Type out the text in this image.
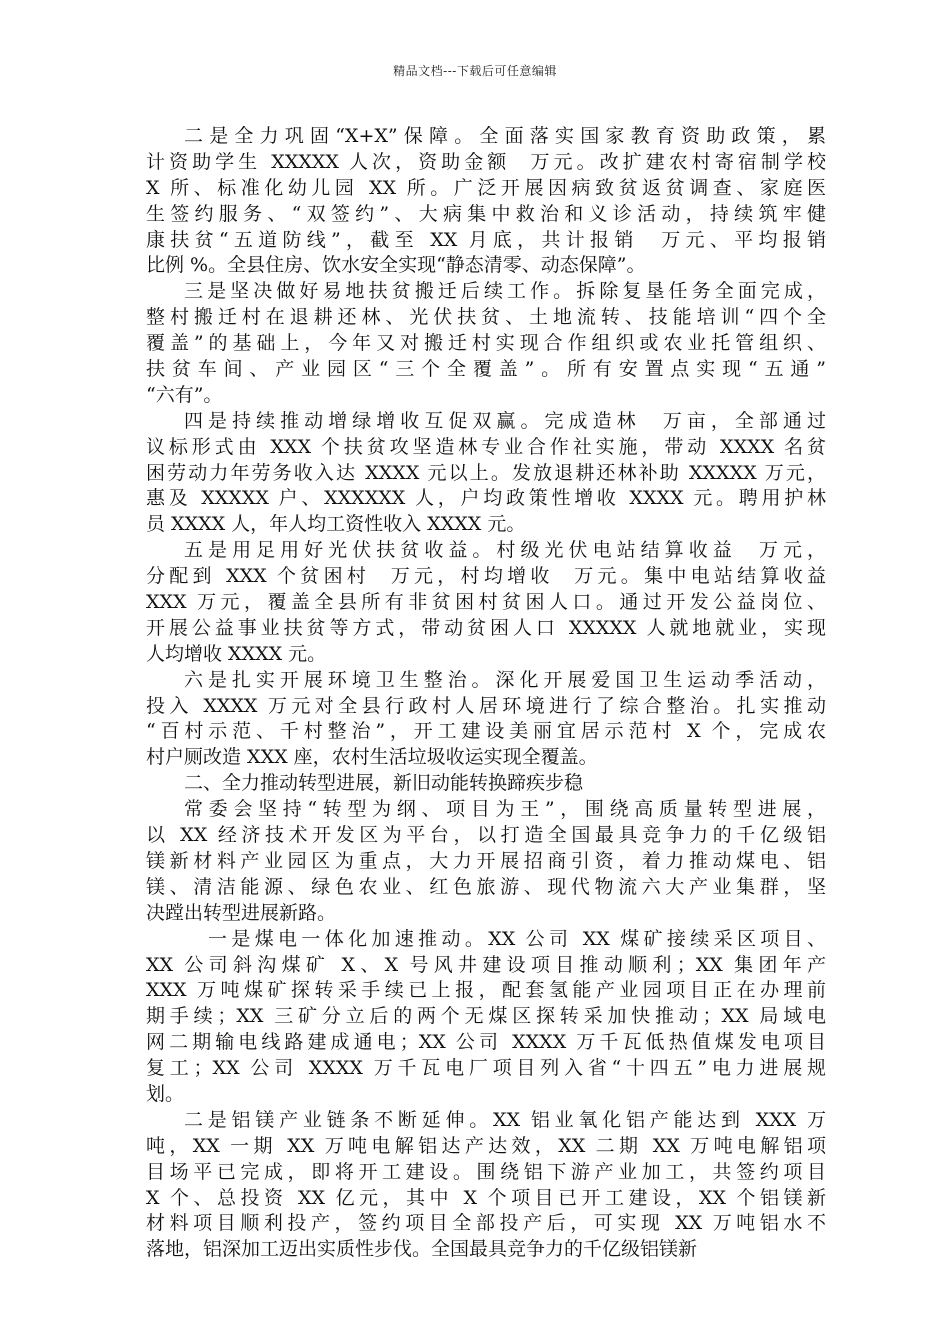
精品文档---下载后可任意编辑
二是全力巩固“X+X”保障。全面落实国家教育资助政策，累
计资助学生 XXXXX 人次，资助金额  万元。改扩建农村寄宿制学校
X 所、标准化幼儿园 XX 所。广泛开展因病致贫返贫调查、家庭医
生签约服务、“双签约”、大病集中救治和义诊活动，持续筑牢健
康扶贫“五道防线”，截至 XX 月底，共计报销  万元、平均报销
比例 %。全县住房、饮水安全实现“静态清零、动态保障”。
三是坚决做好易地扶贫搬迁后续工作。拆除复垦任务全面完成，
整村搬迁村在退耕还林、光伏扶贫、土地流转、技能培训“四个全
覆盖”的基础上，今年又对搬迁村实现合作组织或农业托管组织、
扶贫车间、产业园区“三个全覆盖”。所有安置点实现“五通”
“六有”。
四是持续推动增绿增收互促双赢。完成造林  万亩，全部通过
议标形式由 XXX 个扶贫攻坚造林专业合作社实施，带动 XXXX 名贫
困劳动力年劳务收入达 XXXX 元以上。发放退耕还林补助 XXXXX 万元，
惠及 XXXXX 户、XXXXXX 人，户均政策性增收 XXXX 元。聘用护林
员 XXXX 人，年人均工资性收入 XXXX 元。
五是用足用好光伏扶贫收益。村级光伏电站结算收益  万元，
分配到 XXX 个贫困村  万元，村均增收  万元。集中电站结算收益
XXX 万元，覆盖全县所有非贫困村贫困人口。通过开发公益岗位、
开展公益事业扶贫等方式，带动贫困人口 XXXXX 人就地就业，实现
人均增收 XXXX 元。
六是扎实开展环境卫生整治。深化开展爱国卫生运动季活动，
投入 XXXX 万元对全县行政村人居环境进行了综合整治。扎实推动
“百村示范、千村整治”，开工建设美丽宜居示范村 X 个，完成农
村户厕改造 XXX 座，农村生活垃圾收运实现全覆盖。
二、全力推动转型进展，新旧动能转换蹄疾步稳
常委会坚持“转型为纲、项目为王”，围绕高质量转型进展，
以 XX 经济技术开发区为平台，以打造全国最具竞争力的千亿级铝
镁新材料产业园区为重点，大力开展招商引资，着力推动煤电、铝
镁、清洁能源、绿色农业、红色旅游、现代物流六大产业集群，坚
决蹚出转型进展新路。
一是煤电一体化加速推动。XX 公司 XX 煤矿接续采区项目、
XX 公司斜沟煤矿 X、X 号风井建设项目推动顺利；XX 集团年产
XXX 万吨煤矿探转采手续已上报，配套氢能产业园项目正在办理前
期手续；XX 三矿分立后的两个无煤区探转采加快推动；XX 局域电
网二期输电线路建成通电；XX 公司 XXXX 万千瓦低热值煤发电项目
复工；XX 公司 XXXX 万千瓦电厂项目列入省“十四五”电力进展规
划。
二是铝镁产业链条不断延伸。XX 铝业氧化铝产能达到 XXX 万
吨，XX 一期 XX 万吨电解铝达产达效，XX 二期 XX 万吨电解铝项
目场平已完成，即将开工建设。围绕铝下游产业加工，共签约项目
X 个、总投资 XX 亿元，其中 X 个项目已开工建设，XX 个铝镁新
材料项目顺利投产，签约项目全部投产后，可实现 XX 万吨铝水不
落地，铝深加工迈出实质性步伐。全国最具竞争力的千亿级铝镁新
